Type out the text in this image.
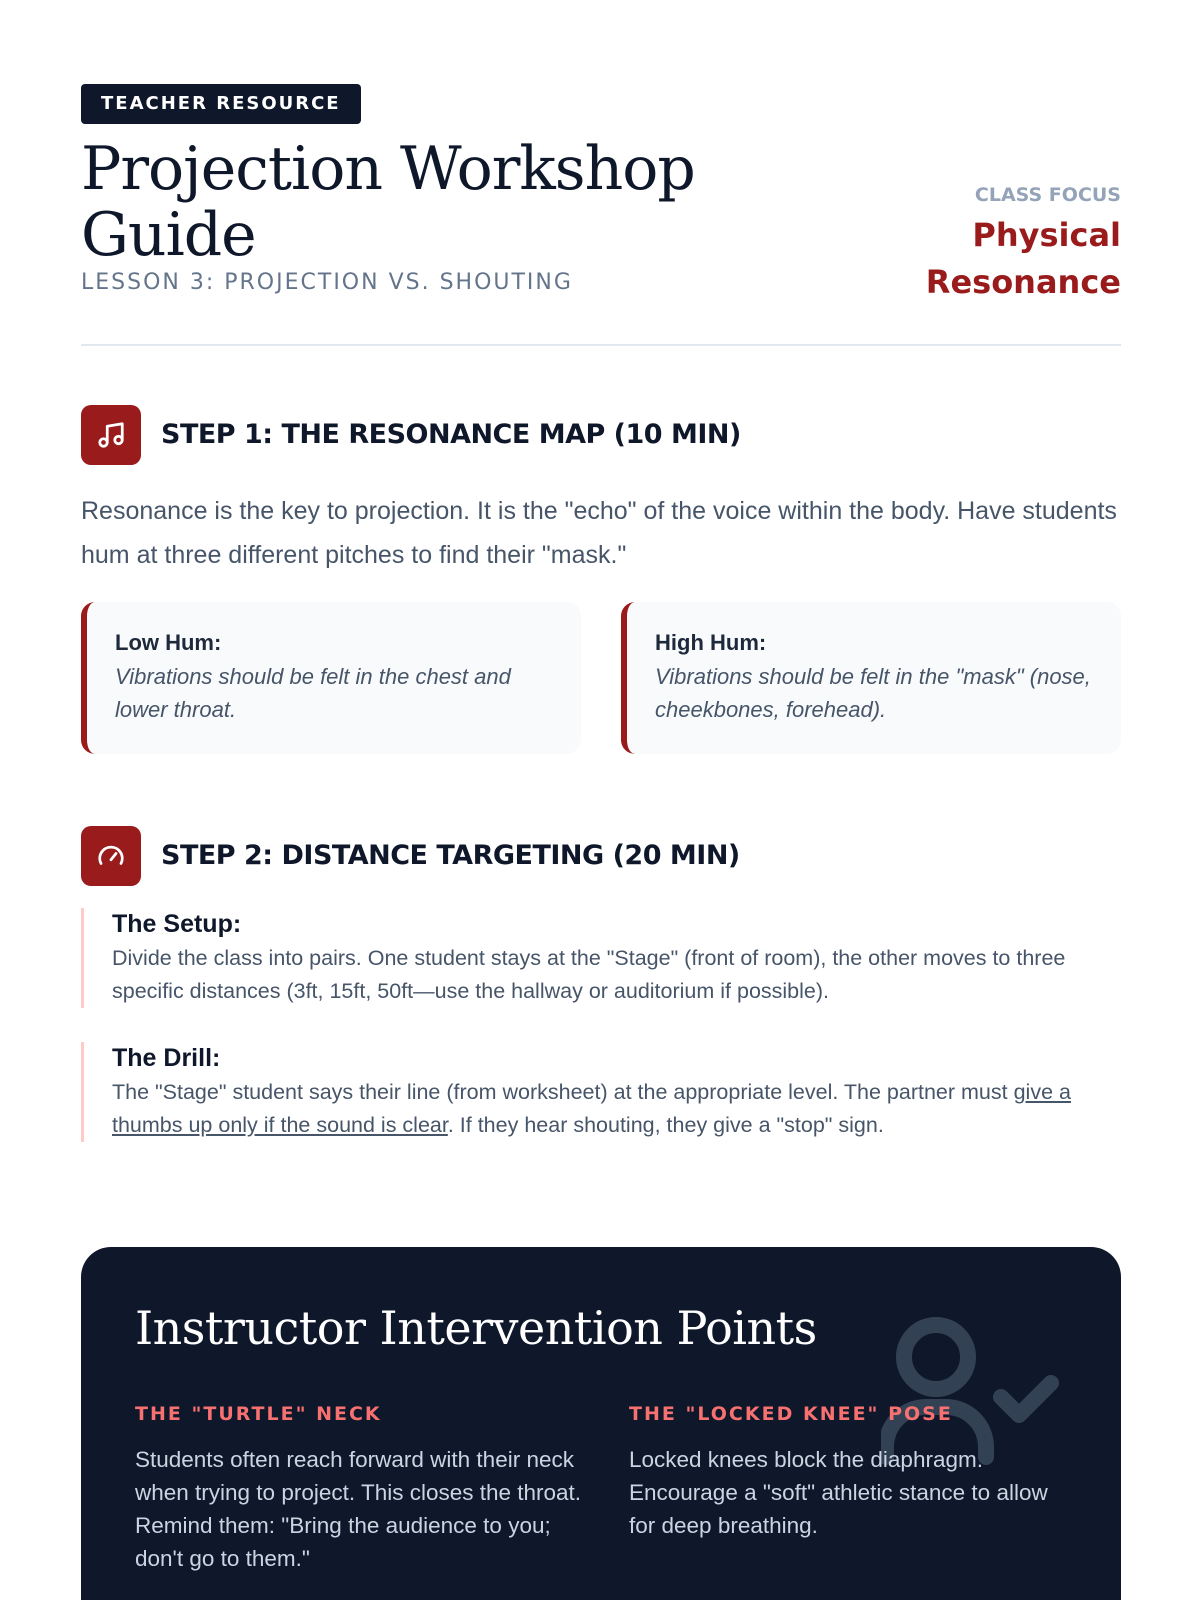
TEACHER RESOURCE
Projection Workshop Guide
LESSON 3: PROJECTION VS. SHOUTING
CLASS FOCUS
Physical
Resonance
STEP 1: THE RESONANCE MAP (10 MIN)
Resonance is the key to projection. It is the "echo" of the voice within the body. Have students hum at three different pitches to find their "mask."
Low Hum:
Vibrations should be felt in the chest and lower throat.
High Hum:
Vibrations should be felt in the "mask" (nose, cheekbones, forehead).
STEP 2: DISTANCE TARGETING (20 MIN)
The Setup:
Divide the class into pairs. One student stays at the "Stage" (front of room), the other moves to three specific distances (3ft, 15ft, 50ft—use the hallway or auditorium if possible).
The Drill:
The "Stage" student says their line (from worksheet) at the appropriate level. The partner must give a thumbs up only if the sound is clear. If they hear shouting, they give a "stop" sign.
Instructor Intervention Points
THE "TURTLE" NECK
Students often reach forward with their neck when trying to project. This closes the throat. Remind them: "Bring the audience to you; don't go to them."
THE "LOCKED KNEE" POSE
Locked knees block the diaphragm. Encourage a "soft" athletic stance to allow for deep breathing.
